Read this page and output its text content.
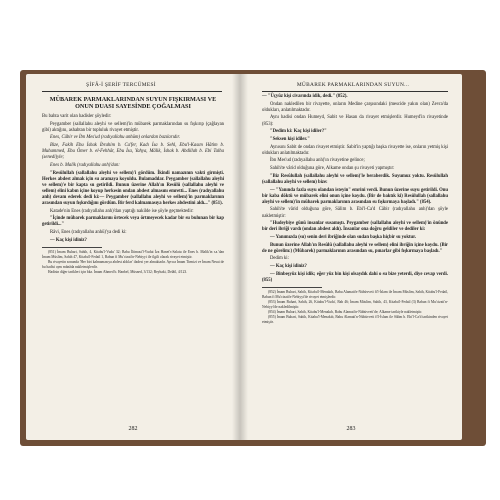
ŞİFÂ-İ ŞERİF TERCÜMESİ
MÜBAREK PARMAKLARINDAN SUYUN FIŞKIRMASI VE ONUN DUASI SAYESİNDE ÇOĞALMASI

Bu bahta varit olan hadisler şöyledir:

Peygamber (sallallahu aleyhi ve sellem)'in mübarek parmaklarından su fışkırıp (çağlayan gibi) aktığını, ashabtan bir topluluk rivayet etmiştir.

Enes, Câbir ve İbn Mes'ud (radıyallahu anhüm) onlardan bazılarıdır.

Bize, Fakih Ebu İshak İbrahim b. Ca'fer, Kadı İsa b. Sehl, Ebu'l-Kasım Hâtim b. Muhammed, Ebu Ömer b. el-Fehhâr, Ebu İsa, Yahya, Mâlik, İshak b. Abdillah b. Ebi Talha (senedi)yle;

Enes b. Malik (radıyallahu anh)'dan:

"Resûlullah (sallallahu aleyhi ve sellem)'i gördüm. İkindi namazının vakti girmişti. Herkes abdest almak için su aramaya koyuldu. Bulamadılar. Peygamber (sallallahu aleyhi ve sellem)'e bir kapta su getirildi. Bunun üzerine Allah'ın Resûlü (sallallahu aleyhi ve sellem) elini kabın içine koyup herkesin ondan abdest almasını emretti... Enes (radıyallahu anh) devam ederek dedi ki:— Peygamber (sallallahu aleyhi ve sellem)'in parmaklarının arasından suyun fışkırdığını gördüm. Bir ferd kalmamasıya herkes abdestini aldı..." (851).

Katade'nin Enes (radıyallahu anh)'dan yaptığı nakilde ise şöyle geçmektedir:

"İçinde mübarek parmaklarını örtecek veya örtmeyecek kadar bir su bulunan bir kap getirildi..."

Râvi, Enes (radıyallahu anhü)'ya dedi ki:

— Kaç kişi idiniz?

(851) İmam Buhari, Sahih, 4, Kitabu'l-Vudu' 32; Babu İltimasi'l-Vudui İza Hanet's-Salatu ile Enes b. Malik'in r.a.'dan İmam Müslim, Sahih 47, Kitabu'l-Fedail 1, Babun fi Mu'cizati'n-Nebiyyi ile ilgili olarak rivayet etmiştir.

Bu rivayetin sonunda 'Her biri kalmamasıya abdest aldılar' ifadesi yer almaktadır. Ayrıca İmam Tirmizi ve İmam Nesai de bu hadisi aynı mânâda nakletmişlerdir.

Hadisin diğer tarikleri için bkz. İmam Ahmed b. Hanbel, Müsned, 3/132; Beyhaki, Delâil, 4/123.

282
MÜBAREK PARMAKLARINDAN SUYUN...

— "Üçyüz kişi civarında idik, dedi." (852).

Ondan nakledilen bir rivayette, onların Medine çarşısındaki (mescide yakın olan) Zevra'da oldukları, anlatılmaktadır.

Aynı hadisi ondan Humeyd, Sabit ve Hasan da rivayet etmişlerdir. Humeyd'in rivayetinde (853):

"Dedim ki: Kaç kişi idiler?"

"Seksen kişi idiler."

Aynısını Sabit de ondan rivayet etmiştir. Sabit'in yaptığı başka rivayette ise, onların yetmiş kişi oldukları anlatılmaktadır.

İbn Mes'ud (radıyallahu anh)'ın rivayetine gelince;

Sahih'te vârid olduğuna göre, Alkame ondan şu rivayeti yapmıştır:

"Biz Resûlullah (sallallahu aleyhi ve sellem)'le beraberdik. Suyumuz yoktu. Resûlullah (sallallahu aleyhi ve sellem) bize:

— "Yanında fazla suyu olandan isteyin" emrini verdi. Bunun üzerine suyu getirildi. Onu bir kaba döktü ve mübarek elini onun içine koydu. (Bir de baktık ki) Resûlullah (sallallahu aleyhi ve sellem)'in mübarek parmaklarının arasından su fışkırmaya başladı." (854).

Sahih'te vârid olduğuna göre, Sâlim b. Ebi'l-Ca'd Câbir (radıyallahu anh)'dan şöyle nakletmiştir:

"Hudeybiye günü insanlar susamıştı. Peygamber (sallallahu aleyhi ve sellem)'in önünde bir deri ibriği vardı (ondan abdest aldı). İnsanlar ona doğru geldiler ve dediler ki:

— Yanımızda (su) senin deri ibriğinde olan sudan başka hiçbir su yoktur.

Bunun üzerine Allah'ın Resûlü (sallallahu aleyhi ve sellem) elini ibriğin içine koydu. (Bir de ne görelim:) (Mübarek) parmaklarının arasından su, pınarlar gibi fışkırmaya başladı."

Dedim ki:

— Kaç kişi idiniz?

— Binbeşyüz kişi idik; eğer yüz bin kişi olsaydık dahi o su bize yeterdi, diye cevap verdi. (855)

(852) İmam Buhari, Sahih, Kitabu'l-Menakıb, Babu Alamati'n-Nübüvveti fi'l-İslam ile İmam Müslim, Sahih, Kitabu'l-Fedail, Babun fi Mu'cizati'n-Nebiyyi'de rivayet etmişlerdir.

(853) İmam Buhari, Sahih, 26, Kitabu'l-Vudu', Bab 46; İmam Müslim, Sahih, 43, Kitabu'l-Fedail (3) Babun fi Mu'cizati'n-Nebiyyi'de nakledilmiştir.

(854) İmam Buhari, Sahih, Kitabu'l-Menakıb, Babu Alamati'n-Nübüvveti'de; Alkame tarikiyle nakletmiştir.

(855) İmam Buhari, Sahih, Kitabu'l-Menakıb, Babu Alamati'n-Nübüvveti fi'l-İslam ile Sâlim b. Ebi'l-Ca'd tarikinden rivayet etmiştir.

283
